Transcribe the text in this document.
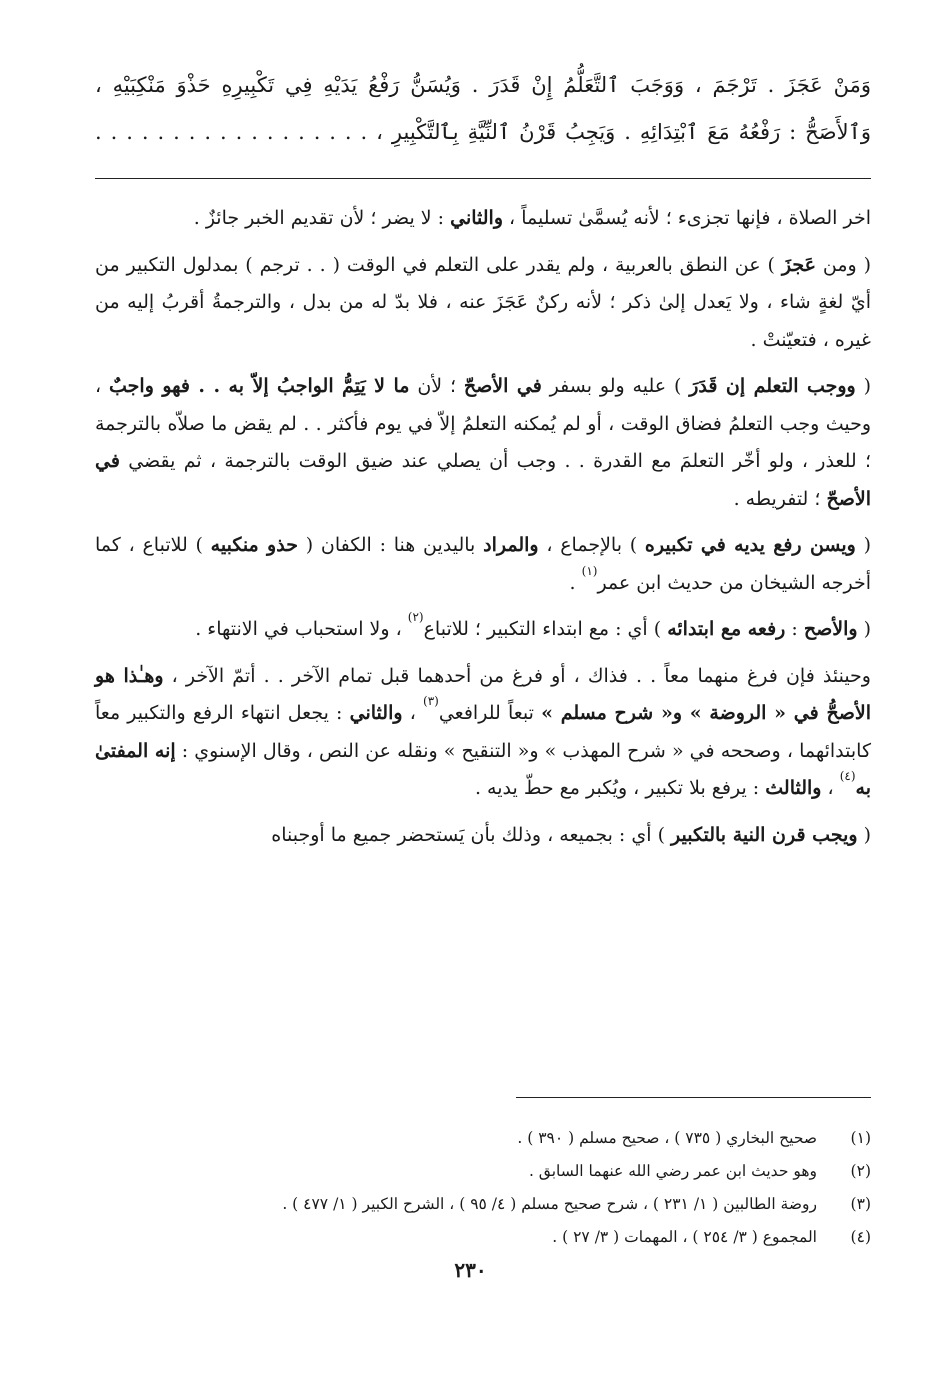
وَمَنْ عَجَزَ . تَرْجَمَ ، وَوَجَبَ ٱلتَّعَلُّمُ إِنْ قَدَرَ . وَيُسَنُّ رَفْعُ يَدَيْهِ فِي تَكْبِيرِهِ حَذْوَ مَنْكِبَيْهِ ،

وَٱلأَصَحُّ : رَفْعُهُ مَعَ ٱبْتِدَائِهِ . وَيَجِبُ قَرْنُ ٱلنِّيَّةِ بِٱلتَّكْبِيرِ ، . . . . . . . . . . . . . . . . . .

اخر الصلاة ، فإنها تجزىء ؛ لأنه يُسمَّىٰ تسليماً ، والثاني : لا يضر ؛ لأن تقديم الخبر جائزٌ .

( ومن عَجزَ ) عن النطق بالعربية ، ولم يقدر على التعلم في الوقت ( . . ترجم ) بمدلول التكبير من أيّ لغةٍ شاء ، ولا يَعدل إلىٰ ذكر ؛ لأنه ركنٌ عَجَزَ عنه ، فلا بدّ له من بدل ، والترجمةُ أقربُ إليه من غيره ، فتعيّنتْ .

( ووجب التعلم إن قَدَرَ ) عليه ولو بسفر في الأصحّ ؛ لأن ما لا يَتِمُّ الواجبُ إلاّ به . . فهو واجبٌ ، وحيث وجب التعلمُ فضاق الوقت ، أو لم يُمكنه التعلمُ إلاّ في يوم فأكثر . . لم يقض ما صلاّه بالترجمة ؛ للعذر ، ولو أخّر التعلمَ مع القدرة . . وجب أن يصلي عند ضيق الوقت بالترجمة ، ثم يقضي في الأصحّ ؛ لتفريطه .

( ويسن رفع يديه في تكبيره ) بالإجماع ، والمراد باليدين هنا : الكفان ( حذو منكبيه ) للاتباع ، كما أخرجه الشيخان من حديث ابن عمر$^{(١)}$ .

( والأصح : رفعه مع ابتدائه ) أي : مع ابتداء التكبير ؛ للاتباع$^{(٢)}$ ، ولا استحباب في الانتهاء .

وحينئذ فإن فرغ منهما معاً . . فذاك ، أو فرغ من أحدهما قبل تمام الآخر . . أتمّ الآخر ، وهـٰذا هو الأصحُّ في « الروضة » و« شرح مسلم » تبعاً للرافعي$^{(٣)}$ ، والثاني : يجعل انتهاء الرفع والتكبير معاً كابتدائهما ، وصححه في « شرح المهذب » و« التنقيح » ونقله عن النص ، وقال الإسنوي : إنه المفتىٰ به$^{(٤)}$ ، والثالث : يرفع بلا تكبير ، ويُكبر مع حطّ يديه .

( ويجب قرن النية بالتكبير ) أي : بجميعه ، وذلك بأن يَستحضر جميع ما أوجبناه

(١)
صحيح البخاري ( ٧٣٥ ) ، صحيح مسلم ( ٣٩٠ ) .
(٢)
وهو حديث ابن عمر رضي الله عنهما السابق .
(٣)
روضة الطالبين ( ١/ ٢٣١ ) ، شرح صحيح مسلم ( ٤/ ٩٥ ) ، الشرح الكبير ( ١/ ٤٧٧ ) .
(٤)
المجموع ( ٣/ ٢٥٤ ) ، المهمات ( ٣/ ٢٧ ) .
٢٣٠
